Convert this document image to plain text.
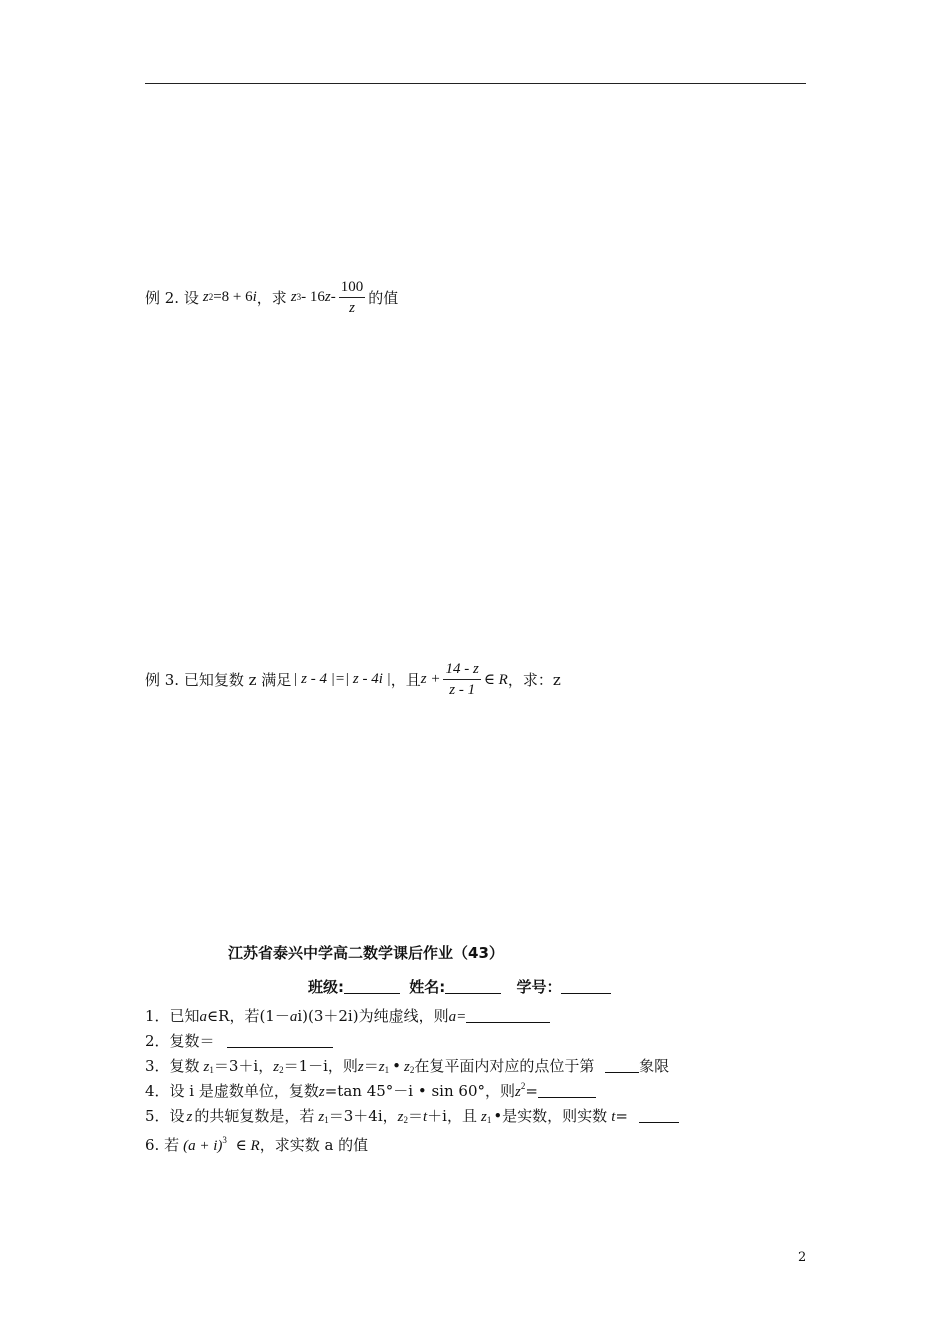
例 2. 设 z 2 =8 + 6 i ，求 z 3 - 16 z - $\frac{100}{z}$ 的值
例 3. 已知复数 z 满足 | z - 4 |=| z - 4i | ，且 $z + \frac{14 - z}{z - 1}$ ∈ R ，求：z
江苏省泰兴中学高二数学课后作业（43）
班级:	姓名:	学号：
1．已知a∈R，若(1－ai)(3＋2i)为纯虚线，则a=
2．复数＝
3．复数 $z_1=3+i$，$z_2=1-i$，则$z=z_1$ • $z_2$在复平面内对应的点位于第	象限
4．设 i 是虚数单位，复数z=tan 45°－i • sin 60°，则$z^2=$
5．设 z 的共轭复数是，若 $z_1=3+4i$，$z_2=t+i$，且 $z_1$ •是实数，则实数 t=
6. 若 $(a + i)^3$ ∈ R，求实数 a 的值
2
